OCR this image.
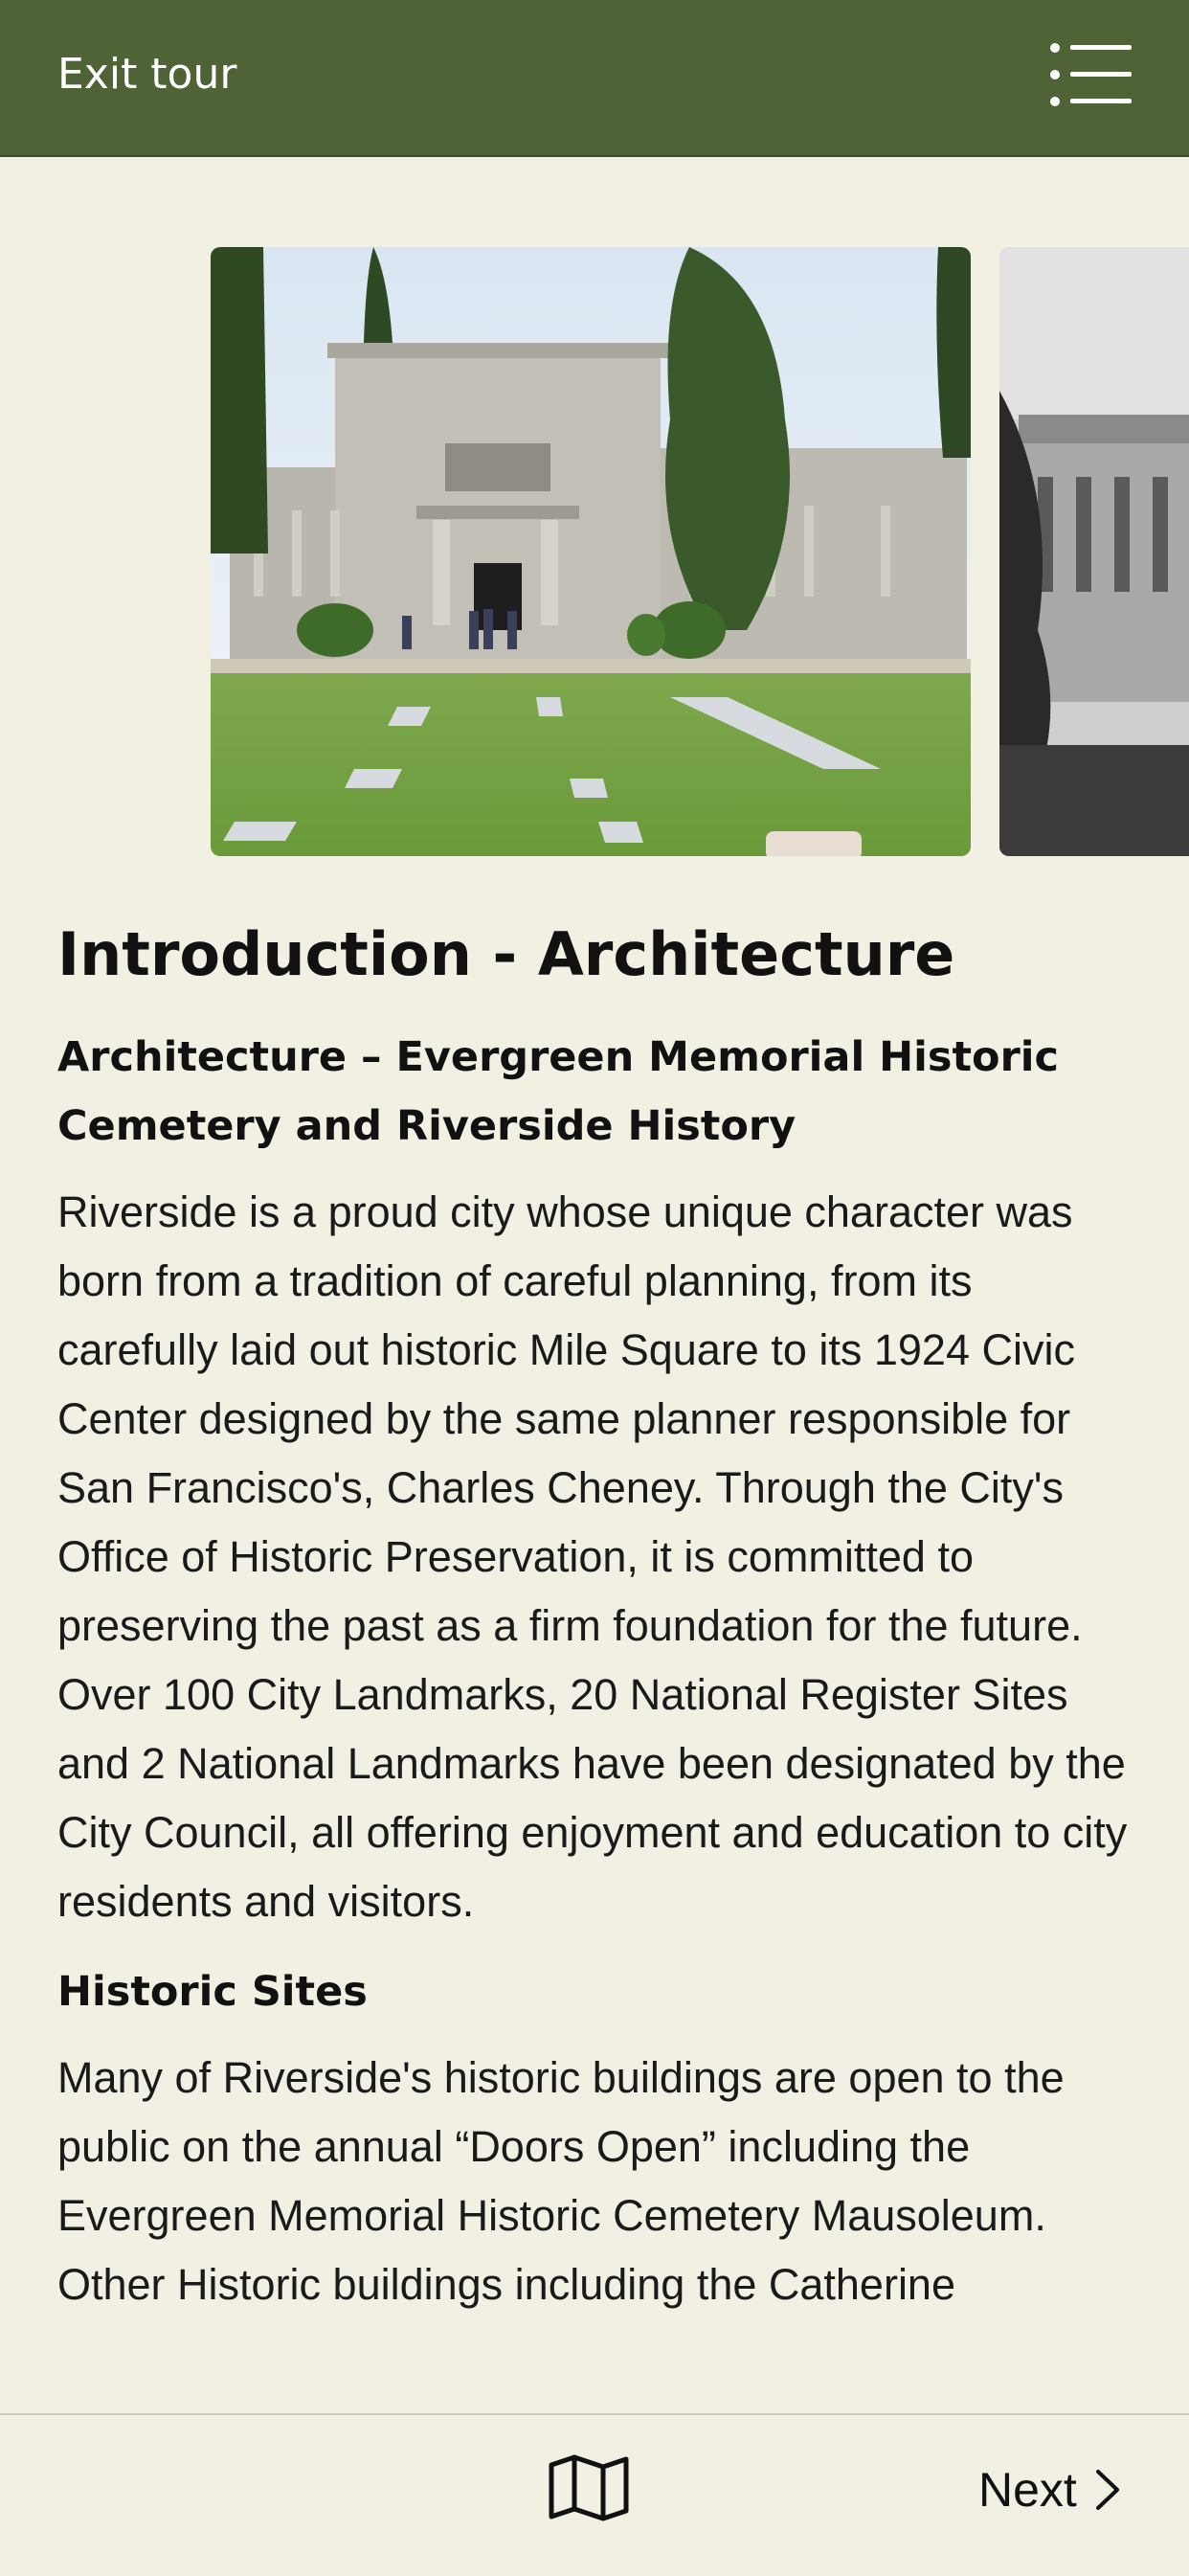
Exit tour
Introduction - Architecture
Architecture – Evergreen Memorial Historic Cemetery and Riverside History

Riverside is a proud city whose unique character was born from a tradition of careful planning, from its carefully laid out historic Mile Square to its 1924 Civic Center designed by the same planner responsible for San Francisco's, Charles Cheney. Through the City's Office of Historic Preservation, it is committed to preserving the past as a firm foundation for the future. Over 100 City Landmarks, 20 National Register Sites and 2 National Landmarks have been designated by the City Council, all offering enjoyment and education to city residents and visitors.

Historic Sites

Many of Riverside's historic buildings are open to the public on the annual “Doors Open” including the Evergreen Memorial Historic Cemetery Mausoleum. Other Historic buildings including the Catherine

Next
